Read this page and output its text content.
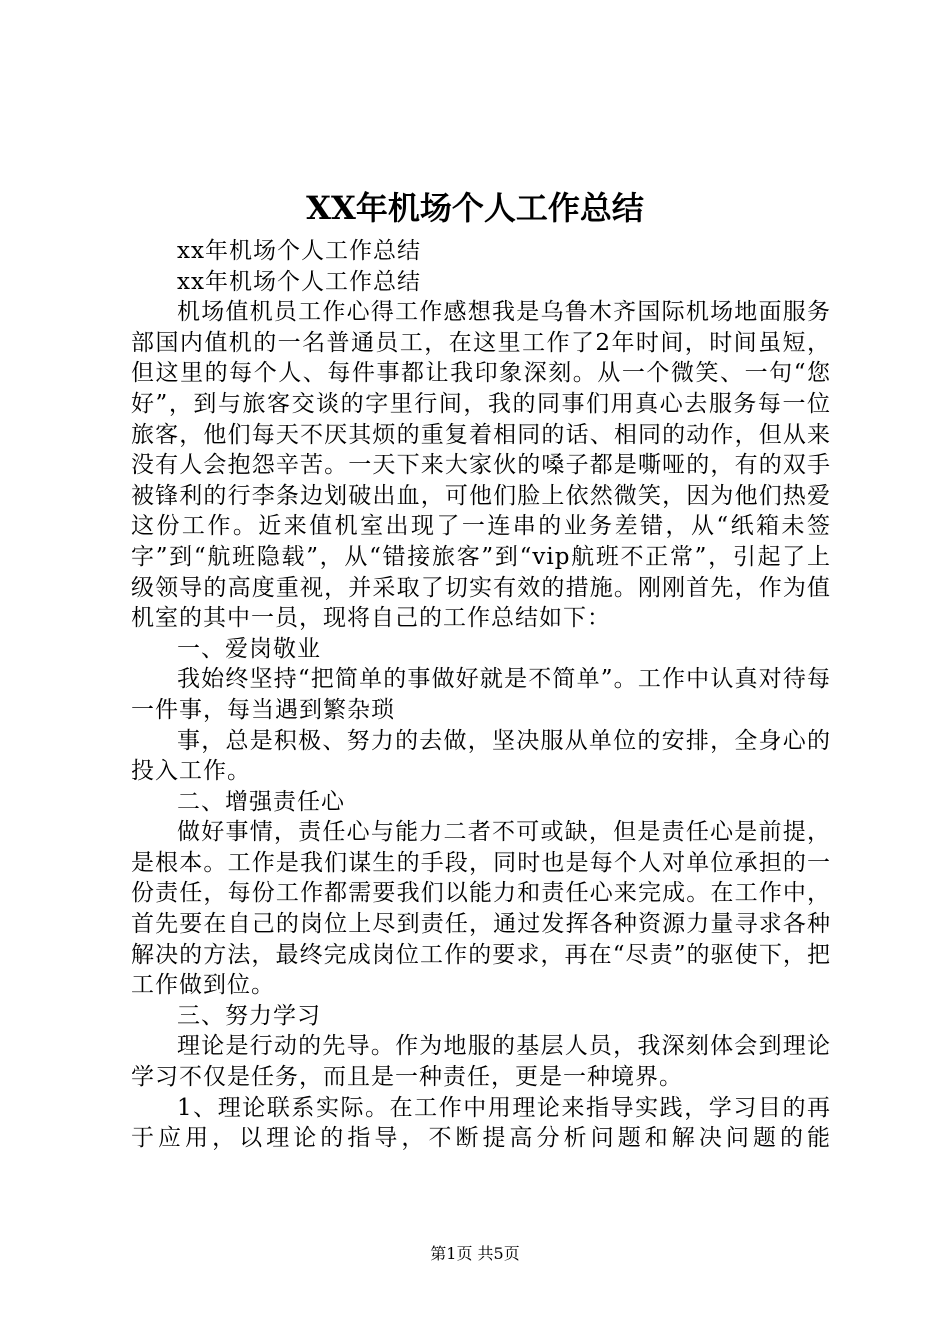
XX年机场个人工作总结

xx年机场个人工作总结

xx年机场个人工作总结

机场值机员工作心得工作感想我是乌鲁木齐国际机场地面服务部国内值机的一名普通员工，在这里工作了2年时间，时间虽短，但这里的每个人、每件事都让我印象深刻。从一个微笑、一句“您好”，到与旅客交谈的字里行间，我的同事们用真心去服务每一位旅客，他们每天不厌其烦的重复着相同的话、相同的动作，但从来没有人会抱怨辛苦。一天下来大家伙的嗓子都是嘶哑的，有的双手被锋利的行李条边划破出血，可他们脸上依然微笑，因为他们热爱这份工作。近来值机室出现了一连串的业务差错，从“纸箱未签字”到“航班隐载”，从“错接旅客”到“vip航班不正常”，引起了上级领导的高度重视，并采取了切实有效的措施。刚刚首先，作为值机室的其中一员，现将自己的工作总结如下：

一、爱岗敬业

我始终坚持“把简单的事做好就是不简单”。工作中认真对待每一件事，每当遇到繁杂琐

事，总是积极、努力的去做，坚决服从单位的安排，全身心的投入工作。

二、增强责任心

做好事情，责任心与能力二者不可或缺，但是责任心是前提，是根本。工作是我们谋生的手段，同时也是每个人对单位承担的一份责任，每份工作都需要我们以能力和责任心来完成。在工作中，首先要在自己的岗位上尽到责任，通过发挥各种资源力量寻求各种解决的方法，最终完成岗位工作的要求，再在“尽责”的驱使下，把工作做到位。

三、努力学习

理论是行动的先导。作为地服的基层人员，我深刻体会到理论学习不仅是任务，而且是一种责任，更是一种境界。

1、理论联系实际。在工作中用理论来指导实践，学习目的再于应用，以理论的指导，不断提高分析问题和解决问题的能

第1页 共5页
